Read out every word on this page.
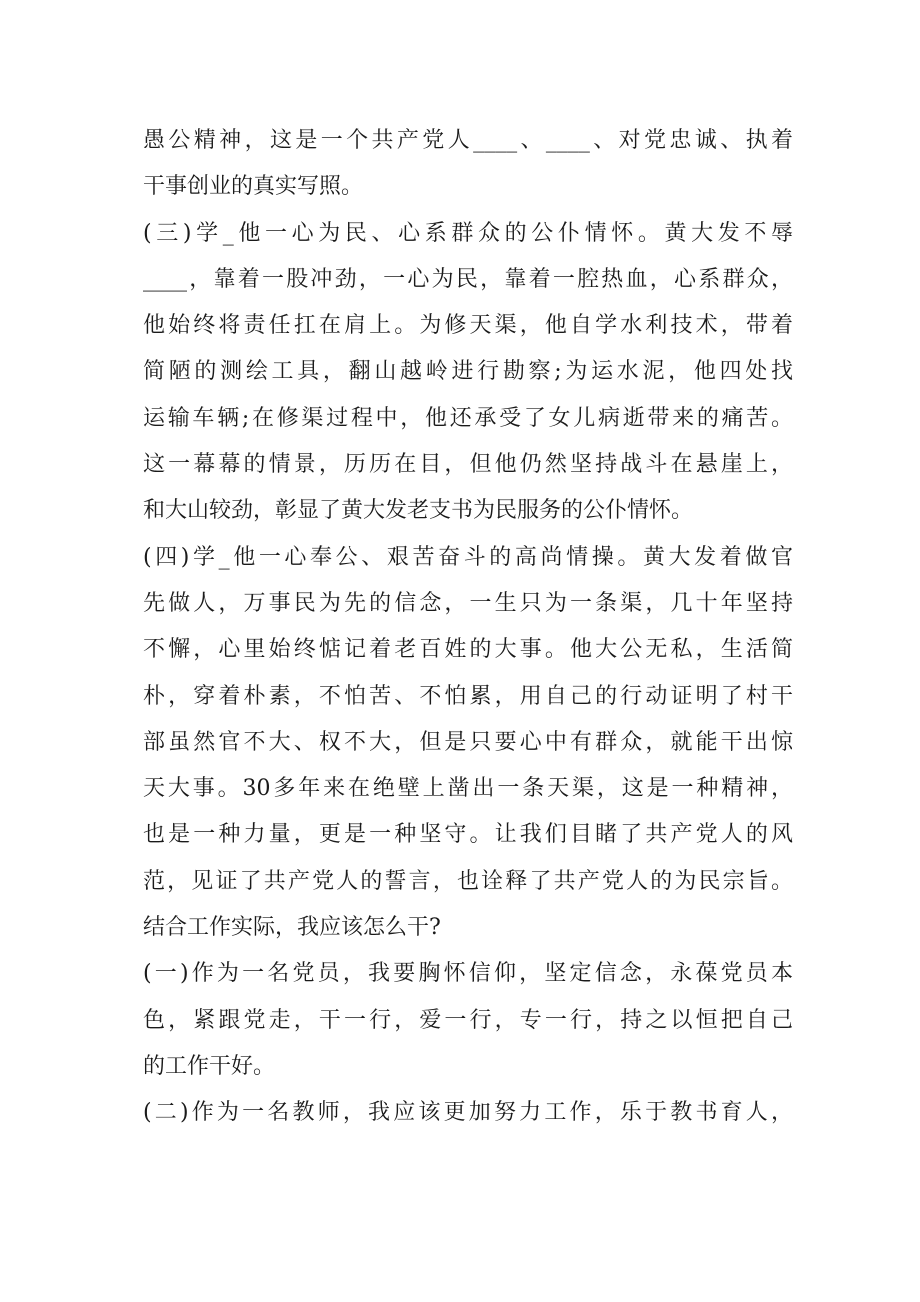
愚公精神，这是一个共产党人____、____、对党忠诚、执着
干事创业的真实写照。
(三)学_他一心为民、心系群众的公仆情怀。黄大发不辱
____，靠着一股冲劲，一心为民，靠着一腔热血，心系群众，
他始终将责任扛在肩上。为修天渠，他自学水利技术，带着
简陋的测绘工具，翻山越岭进行勘察;为运水泥，他四处找
运输车辆;在修渠过程中，他还承受了女儿病逝带来的痛苦。
这一幕幕的情景，历历在目，但他仍然坚持战斗在悬崖上，
和大山较劲，彰显了黄大发老支书为民服务的公仆情怀。
(四)学_他一心奉公、艰苦奋斗的高尚情操。黄大发着做官
先做人，万事民为先的信念，一生只为一条渠，几十年坚持
不懈，心里始终惦记着老百姓的大事。他大公无私，生活简
朴，穿着朴素，不怕苦、不怕累，用自己的行动证明了村干
部虽然官不大、权不大，但是只要心中有群众，就能干出惊
天大事。30多年来在绝壁上凿出一条天渠，这是一种精神，
也是一种力量，更是一种坚守。让我们目睹了共产党人的风
范，见证了共产党人的誓言，也诠释了共产党人的为民宗旨。
结合工作实际，我应该怎么干?
(一)作为一名党员，我要胸怀信仰，坚定信念，永葆党员本
色，紧跟党走，干一行，爱一行，专一行，持之以恒把自己
的工作干好。
(二)作为一名教师，我应该更加努力工作，乐于教书育人，
